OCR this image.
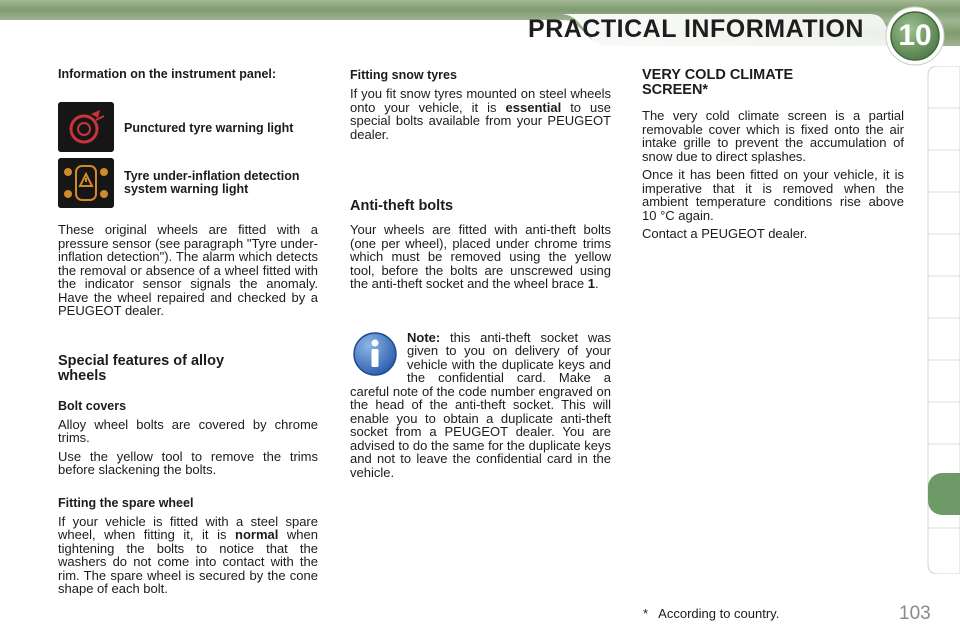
PRACTICAL INFORMATION	10
Information on the instrument panel:
Punctured tyre warning light
Tyre under-inflation detection system warning light

These original wheels are fitted with a pressure sensor (see paragraph "Tyre under-inflation detection"). The alarm which detects the removal or absence of a wheel fitted with the indicator sensor signals the anomaly. Have the wheel repaired and checked by a PEUGEOT dealer.

Special features of alloy wheels
Bolt covers

Alloy wheel bolts are covered by chrome trims.

Use the yellow tool to remove the trims before slackening the bolts.

Fitting the spare wheel

If your vehicle is fitted with a steel spare wheel, when fitting it, it is normal when tightening the bolts to notice that the washers do not come into contact with the rim. The spare wheel is secured by the cone shape of each bolt.

Fitting snow tyres

If you fit snow tyres mounted on steel wheels onto your vehicle, it is essential to use special bolts available from your PEUGEOT dealer.

Anti-theft bolts

Your wheels are fitted with anti-theft bolts (one per wheel), placed under chrome trims which must be removed using the yellow tool, before the bolts are unscrewed using the anti-theft socket and the wheel brace 1.

Note: this anti-theft socket was given to you on delivery of your vehicle with the duplicate keys and the confidential card. Make a careful note of the code number engraved on the head of the anti-theft socket. This will enable you to obtain a duplicate anti-theft socket from a PEUGEOT dealer. You are advised to do the same for the duplicate keys and not to leave the confidential card in the vehicle.

VERY COLD CLIMATE SCREEN*

The very cold climate screen is a partial removable cover which is fixed onto the air intake grille to prevent the accumulation of snow due to direct splashes.

Once it has been fitted on your vehicle, it is imperative that it is removed when the ambient temperature conditions rise above 10 °C again.

Contact a PEUGEOT dealer.

*   According to country.	103
